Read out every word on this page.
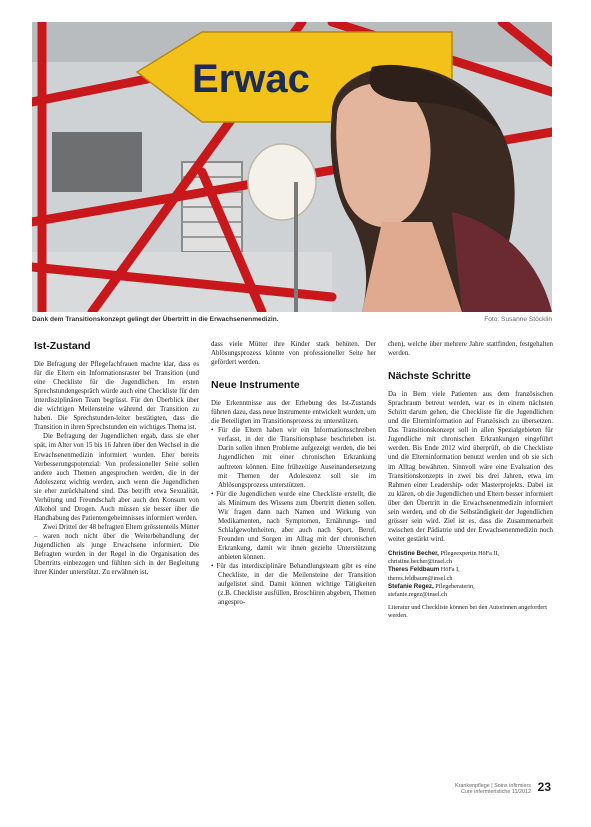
Erwac
Dank dem Transitionskonzept gelingt der Übertritt in die Erwachsenenmedizin.	Foto: Susanne Stöcklin
Ist-Zustand

Die Befragung der Pflegefachfrauen machte klar, dass es für die Eltern ein Informationsraster bei Transition (und eine Checkliste für die Jugendlichen. Im ersten Sprechstundengespräch würde auch eine Checkliste für den interdisziplinären Team begrüsst. Für den Überblick über die wichtigen Meilensteine während der Transition zu haben. Die Sprechstunden-leiter bestätigten, dass die Transition in ihren Sprechstunden ein wichtiges Thema ist.

Die Befragung der Jugendlichen ergab, dass sie eher spät, im Alter von 15 bis 16 Jahren über den Wechsel in die Erwachsenenmedizin informiert wurden. Eher bereits Verbesserungspotenzial: Von professioneller Seite sollen andere auch Themen angesprochen werden, die in der Adoleszenz wichtig werden, auch wenn die Jugendlichen sie eher zurückhaltend sind. Das betrifft etwa Sexualität, Verhütung und Freundschaft aber auch den Konsum von Alkohol und Drogen. Auch müssen sie besser über die Handhabung des Patientengeheimnisses informiert werden.

Zwei Drittel der 48 befragten Eltern grösstenteils Mütter – waren noch nicht über die Weiterbehandlung der Jugendlichen als junge Erwachsene informiert. Die Befragten wurden in der Regel in die Organisation des Übertritts einbezogen und fühlten sich in der Begleitung ihrer Kinder unterstützt. Zu erwähnen ist,

dass viele Mütter ihre Kinder stark behüten. Der Ablösungsprozess könnte von professioneller Seite her gefördert werden.

Neue Instrumente

Die Erkenntnisse aus der Erhebung des Ist-Zustands führten dazu, dass neue Instrumente entwickelt wurden, um die Beteiligten im Transitionsprozess zu unterstützen.

• Für die Eltern haben wir ein Informationsschreiben verfasst, in der die Transitionsphase beschrieben ist. Darin sollen ihnen Probleme aufgezeigt werden, die bei Jugendlichen mit einer chronischen Erkrankung auftreten können. Eine frühzeitige Auseinandersetzung mit Themen der Adoleszenz soll sie im Ablösungsprozess unterstützen.
• Für die Jugendlichen wurde eine Checkliste erstellt, die als Minimum des Wissens zum Übertritt dienen sollen. Wir fragen dann nach Namen und Wirkung von Medikamenten, nach Symptomen, Ernährungs- und Schlafgewohnheiten, aber auch nach Sport, Beruf, Freunden und Sorgen im Alltag mit der chronischen Erkrankung, damit wir ihnen gezielte Unterstützung anbieten können.
• Für das interdisziplinäre Behandlungsteam gibt es eine Checkliste, in der die Meilensteine der Transition aufgelistet sind. Damit können wichtige Tätigkeiten (z.B. Checkliste ausfüllen, Broschüren abgeben, Themen angespro-

chen), welche über mehrere Jahre stattfinden, festgehalten werden.

Nächste Schritte

Da in Bern viele Patienten aus dem französischen Sprachraum betreut werden, war es in einem nächsten Schritt darum gehen, die Checkliste für die Jugendlichen und die Elterninformation auf Französisch zu übersetzen. Das Transitionskonzept soll in allen Spezialgebieten für Jugendliche mit chronischen Erkrankungen eingeführt werden. Bis Ende 2012 wird überprüft, ob die Checkliste und die Elterninformation benutzt werden und ob sie sich im Alltag bewährten. Sinnvoll wäre eine Evaluation des Transitionskonzepts in zwei bis drei Jahren, etwa im Rahmen einer Leadership- oder Masterprojekts. Dabei ist zu klären, ob die Jugendlichen und Eltern besser informiert über den Übertritt in die Erwachsenenmedizin informiert sein werden, und ob die Selbständigkeit der Jugendlichen grösser sein wird. Ziel ist es, dass die Zusammenarbeit zwischen der Pädiatrie und der Erwachsenenmedizin noch weiter gestärkt wird.

Christine Becher, Pflegeexpertin HöFa II,
christine.becher@insel.ch
Theres Feldbaum HöFa I,
theres.feldbaum@insel.ch
Stefanie Regez, Pflegeberaterin,
stefanie.regez@insel.ch
Literatur und Checkliste können bei den Autorinnen angefordert werden.
Krankenpflege | Soins infirmiers
Cure infermieristiche 11/2012 23
